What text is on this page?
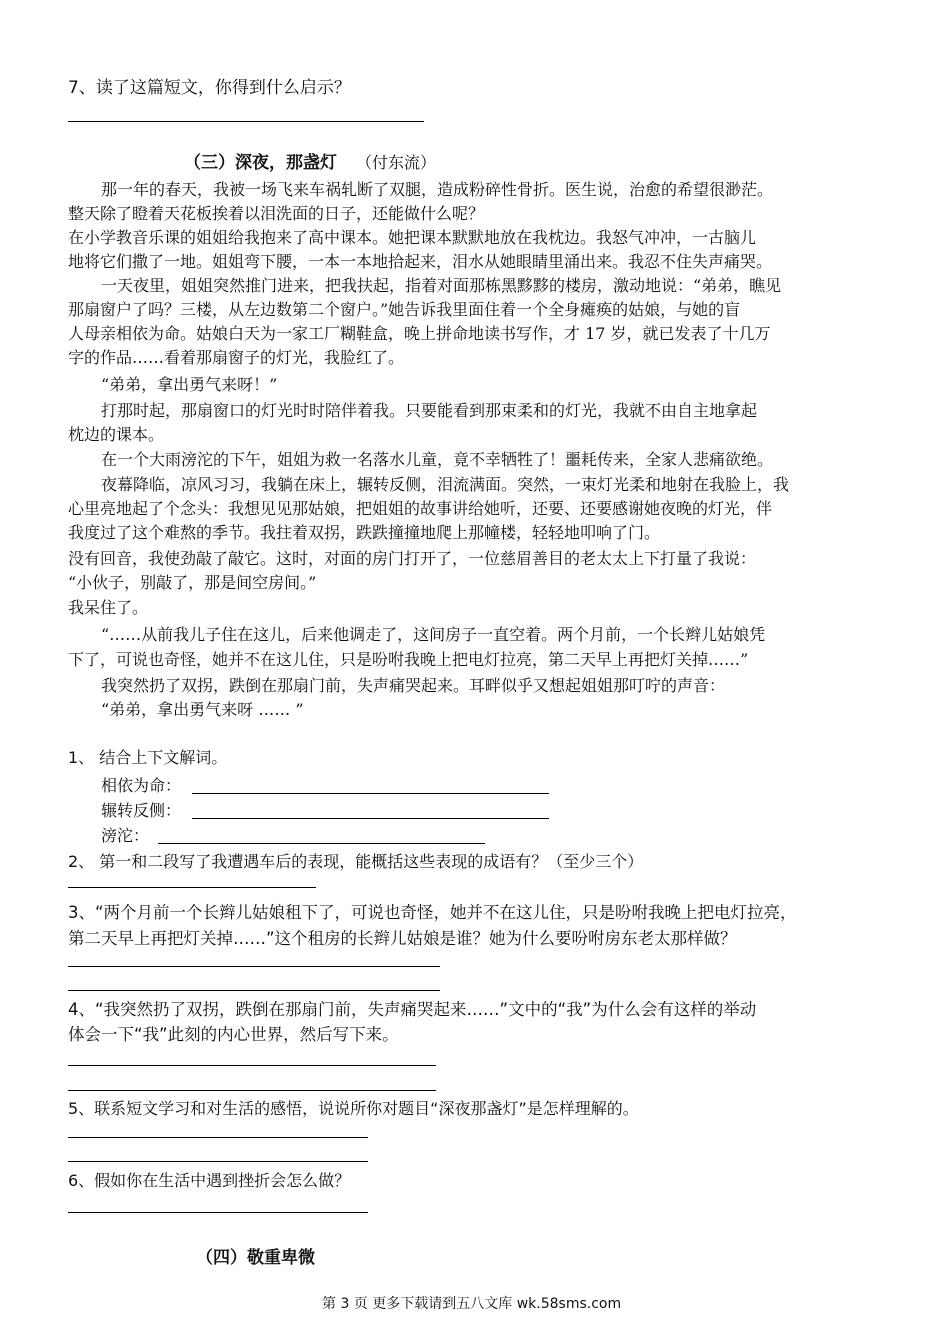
7、读了这篇短文，你得到什么启示？
（三）深夜，那盏灯 （付东流）
那一年的春天，我被一场飞来车祸轧断了双腿，造成粉碎性骨折。医生说，治愈的希望很渺茫。
整天除了瞪着天花板挨着以泪洗面的日子，还能做什么呢？
在小学教音乐课的姐姐给我抱来了高中课本。她把课本默默地放在我枕边。我怒气冲冲，一古脑儿
地将它们撒了一地。姐姐弯下腰，一本一本地拾起来，泪水从她眼睛里涌出来。我忍不住失声痛哭。
一天夜里，姐姐突然推门进来，把我扶起，指着对面那栋黑黟黟的楼房，激动地说：“弟弟，瞧见
那扇窗户了吗？三楼，从左边数第二个窗户。”她告诉我里面住着一个全身瘫痪的姑娘，与她的盲
人母亲相依为命。姑娘白天为一家工厂糊鞋盒，晚上拼命地读书写作，才 17 岁，就已发表了十几万
字的作品……看着那扇窗子的灯光，我脸红了。
“弟弟，拿出勇气来呀！”
打那时起，那扇窗口的灯光时时陪伴着我。只要能看到那束柔和的灯光，我就不由自主地拿起
枕边的课本。
在一个大雨滂沱的下午，姐姐为救一名落水儿童，竟不幸牺牲了！噩耗传来，全家人悲痛欲绝。
夜幕降临，凉风习习，我躺在床上，辗转反侧，泪流满面。突然，一束灯光柔和地射在我脸上，我
心里亮地起了个念头：我想见见那姑娘，把姐姐的故事讲给她听，还要、还要感谢她夜晚的灯光，伴
我度过了这个难熬的季节。我拄着双拐，跌跌撞撞地爬上那幢楼，轻轻地叩响了门。
没有回音，我使劲敲了敲它。这时，对面的房门打开了，一位慈眉善目的老太太上下打量了我说：
“小伙子，别敲了，那是间空房间。”
我呆住了。
“……从前我儿子住在这儿，后来他调走了，这间房子一直空着。两个月前，一个长辫儿姑娘凭
下了，可说也奇怪，她并不在这儿住，只是吩咐我晚上把电灯拉亮，第二天早上再把灯关掉……”
我突然扔了双拐，跌倒在那扇门前，失声痛哭起来。耳畔似乎又想起姐姐那叮咛的声音：
“弟弟，拿出勇气来呀 …… ”
1、 结合上下文解词。
相依为命：
辗转反侧：
滂沱：
2、 第一和二段写了我遭遇车后的表现，能概括这些表现的成语有？（至少三个）
3、“两个月前一个长辫儿姑娘租下了，可说也奇怪，她并不在这儿住，只是吩咐我晚上把电灯拉亮，
第二天早上再把灯关掉……”这个租房的长辫儿姑娘是谁？她为什么要吩咐房东老太那样做？
4、“我突然扔了双拐，跌倒在那扇门前，失声痛哭起来……”文中的“我”为什么会有这样的举动
体会一下“我”此刻的内心世界，然后写下来。
5、联系短文学习和对生活的感悟，说说所你对题目“深夜那盏灯”是怎样理解的。
6、假如你在生活中遇到挫折会怎么做？
（四）敬重卑微
第 3 页 更多下载请到五八文库 wk.58sms.com
